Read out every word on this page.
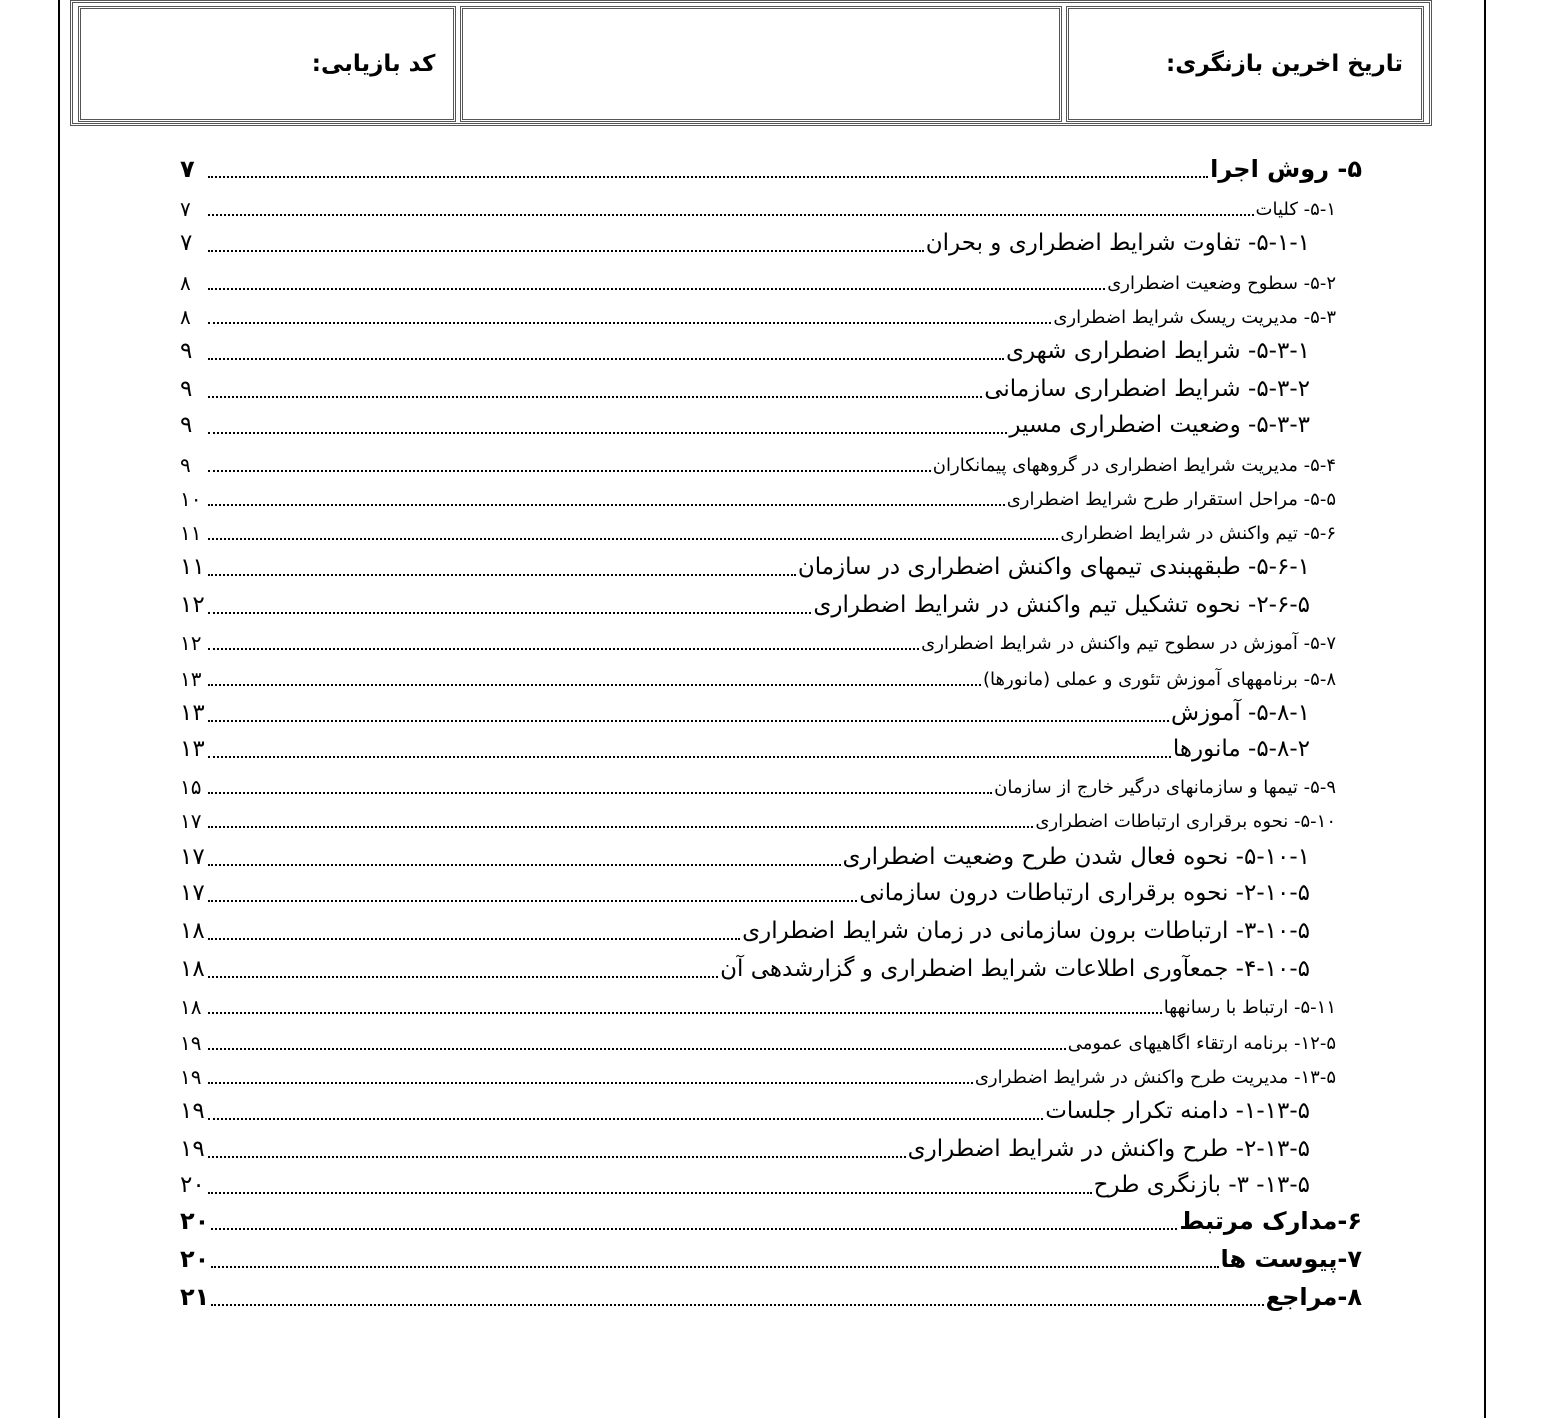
تاریخ اخرین بازنگری:
کد بازیابی:
۵- روش اجرا
۷
۵-۱- کلیات
۷
۵-۱-۱- تفاوت شرایط اضطراری و بحران
۷
۵-۲- سطوح وضعیت اضطراری
۸
۵-۳- مدیریت ریسک شرایط اضطراری
۸
۵-۳-۱- شرایط اضطراری شهری
۹
۵-۳-۲- شرایط اضطراری سازمانی
۹
۵-۳-۳- وضعیت اضطراری مسیر
۹
۵-۴- مدیریت شرایط اضطراری در گروههای پیمانکاران
۹
۵-۵- مراحل استقرار طرح شرایط اضطراری
۱۰
۵-۶- تیم واکنش در شرایط اضطراری
۱۱
۵-۶-۱- طبقهبندی تیمهای واکنش اضطراری در سازمان
۱۱
۲-۶-۵- نحوه تشکیل تیم واکنش در شرایط اضطراری
۱۲
۵-۷- آموزش در سطوح تیم واکنش در شرایط اضطراری
۱۲
۵-۸- برنامههای آموزش تئوری و عملی (مانورها)
۱۳
۵-۸-۱- آموزش
۱۳
۵-۸-۲- مانورها
۱۳
۵-۹- تیمها و سازمانهای درگیر خارج از سازمان
۱۵
۵-۱۰- نحوه برقراری ارتباطات اضطراری
۱۷
۵-۱۰-۱- نحوه فعال شدن طرح وضعیت اضطراری
۱۷
۲-۱۰-۵- نحوه برقراری ارتباطات درون سازمانی
۱۷
۳-۱۰-۵- ارتباطات برون سازمانی در زمان شرایط اضطراری
۱۸
۴-۱۰-۵- جمعآوری اطلاعات شرایط اضطراری و گزارشدهی آن
۱۸
۵-۱۱- ارتباط با رسانهها
۱۸
۱۲-۵- برنامه ارتقاء اگاهیهای عمومی
۱۹
۱۳-۵- مدیریت طرح واکنش در شرایط اضطراری
۱۹
۱-۱۳-۵- دامنه تکرار جلسات
۱۹
۲-۱۳-۵- طرح واکنش در شرایط اضطراری
۱۹
۱۳-۵- ۳- بازنگری طرح
۲۰
۶-مدارک مرتبط
۲۰
۷-پیوست ها
۲۰
۸-مراجع
۲۱
